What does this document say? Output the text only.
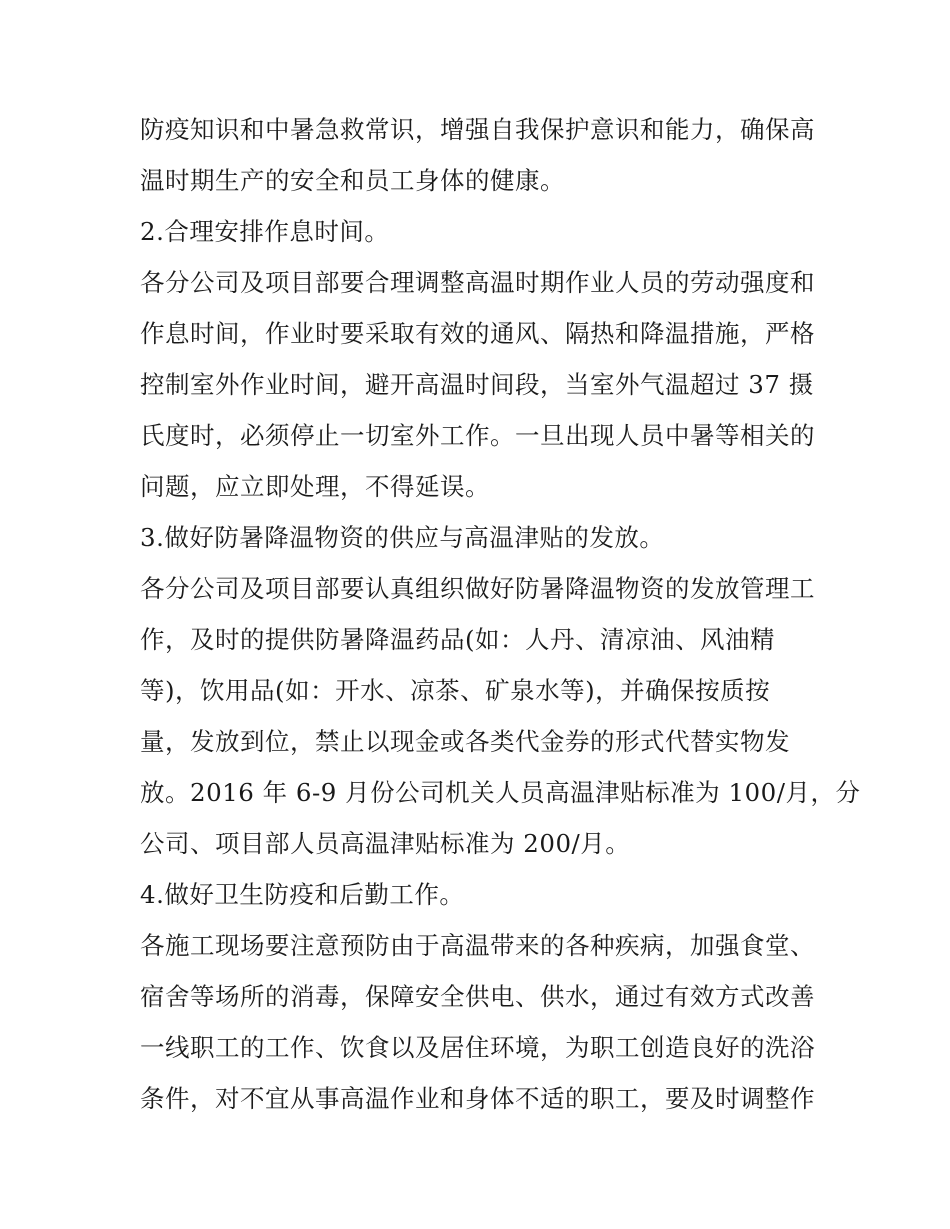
防疫知识和中暑急救常识，增强自我保护意识和能力，确保高
温时期生产的安全和员工身体的健康。
2.合理安排作息时间。
各分公司及项目部要合理调整高温时期作业人员的劳动强度和
作息时间，作业时要采取有效的通风、隔热和降温措施，严格
控制室外作业时间，避开高温时间段，当室外气温超过 37 摄
氏度时，必须停止一切室外工作。一旦出现人员中暑等相关的
问题，应立即处理，不得延误。
3.做好防暑降温物资的供应与高温津贴的发放。
各分公司及项目部要认真组织做好防暑降温物资的发放管理工
作，及时的提供防暑降温药品(如：人丹、清凉油、风油精
等)，饮用品(如：开水、凉茶、矿泉水等)，并确保按质按
量，发放到位，禁止以现金或各类代金券的形式代替实物发
放。2016 年 6-9 月份公司机关人员高温津贴标准为 100/月，分
公司、项目部人员高温津贴标准为 200/月。
4.做好卫生防疫和后勤工作。
各施工现场要注意预防由于高温带来的各种疾病，加强食堂、
宿舍等场所的消毒，保障安全供电、供水，通过有效方式改善
一线职工的工作、饮食以及居住环境，为职工创造良好的洗浴
条件，对不宜从事高温作业和身体不适的职工，要及时调整作
